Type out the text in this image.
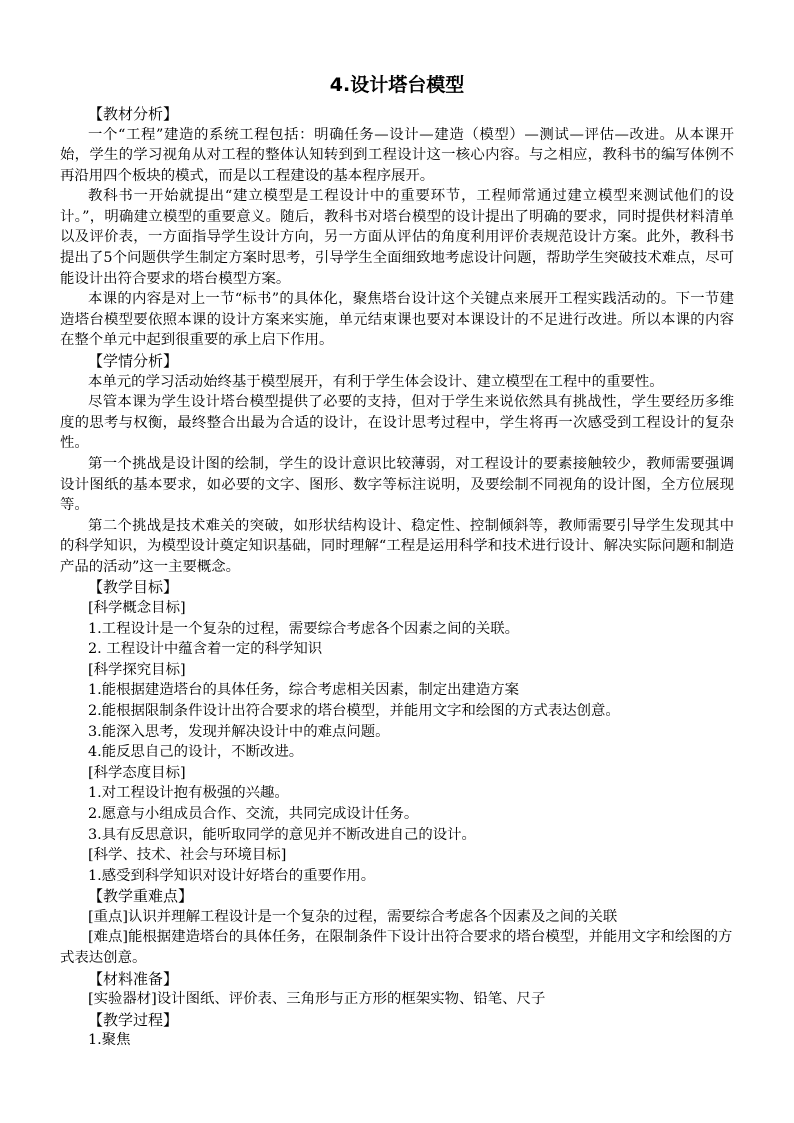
4.设计塔台模型
【教材分析】
一个“工程”建造的系统工程包括：明确任务—设计—建造（模型）—测试—评估—改进。从本课开始，学生的学习视角从对工程的整体认知转到到工程设计这一核心内容。与之相应，教科书的编写体例不再沿用四个板块的模式，而是以工程建设的基本程序展开。
教科书一开始就提出“建立模型是工程设计中的重要环节，工程师常通过建立模型来测试他们的设计。”，明确建立模型的重要意义。随后，教科书对塔台模型的设计提出了明确的要求，同时提供材料清单以及评价表，一方面指导学生设计方向，另一方面从评估的角度利用评价表规范设计方案。此外，教科书提出了5个问题供学生制定方案时思考，引导学生全面细致地考虑设计问题，帮助学生突破技术难点，尽可能设计出符合要求的塔台模型方案。
本课的内容是对上一节“标书”的具体化，聚焦塔台设计这个关键点来展开工程实践活动的。下一节建造塔台模型要依照本课的设计方案来实施，单元结束课也要对本课设计的不足进行改进。所以本课的内容在整个单元中起到很重要的承上启下作用。
【学情分析】
本单元的学习活动始终基于模型展开，有利于学生体会设计、建立模型在工程中的重要性。
尽管本课为学生设计塔台模型提供了必要的支持，但对于学生来说依然具有挑战性，学生要经历多维度的思考与权衡，最终整合出最为合适的设计，在设计思考过程中，学生将再一次感受到工程设计的复杂性。
第一个挑战是设计图的绘制，学生的设计意识比较薄弱，对工程设计的要素接触较少，教师需要强调设计图纸的基本要求，如必要的文字、图形、数字等标注说明，及要绘制不同视角的设计图，全方位展现等。
第二个挑战是技术难关的突破，如形状结构设计、稳定性、控制倾斜等，教师需要引导学生发现其中的科学知识，为模型设计奠定知识基础，同时理解“工程是运用科学和技术进行设计、解决实际问题和制造产品的活动”这一主要概念。
【教学目标】
[科学概念目标]
1.工程设计是一个复杂的过程，需要综合考虑各个因素之间的关联。
2. 工程设计中蕴含着一定的科学知识
[科学探究目标]
1.能根据建造塔台的具体任务，综合考虑相关因素，制定出建造方案
2.能根据限制条件设计出符合要求的塔台模型，并能用文字和绘图的方式表达创意。
3.能深入思考，发现并解决设计中的难点问题。
4.能反思自己的设计，不断改进。
[科学态度目标]
1.对工程设计抱有极强的兴趣。
2.愿意与小组成员合作、交流，共同完成设计任务。
3.具有反思意识，能听取同学的意见并不断改进自己的设计。
[科学、技术、社会与环境目标]
1.感受到科学知识对设计好塔台的重要作用。
【教学重难点】
[重点]认识并理解工程设计是一个复杂的过程，需要综合考虑各个因素及之间的关联
[难点]能根据建造塔台的具体任务，在限制条件下设计出符合要求的塔台模型，并能用文字和绘图的方式表达创意。
【材料准备】
[实验器材]设计图纸、评价表、三角形与正方形的框架实物、铅笔、尺子
【教学过程】
1.聚焦
